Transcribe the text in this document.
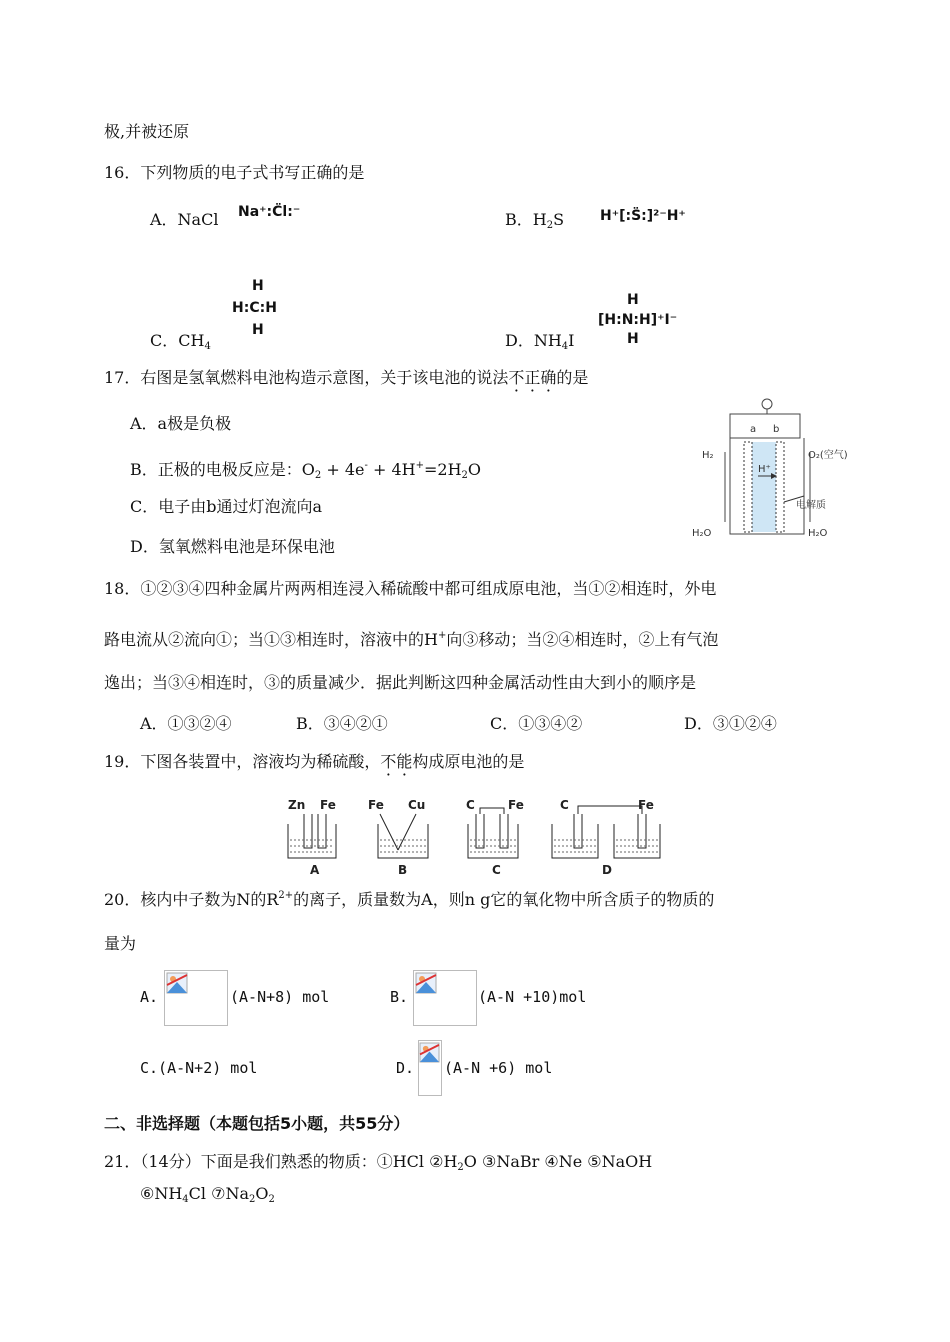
极,并被还原
16．下列物质的电子式书写正确的是
A．NaCl Na⁺:C̈l:⁻	B．$H_2S$	H⁺[:S̈:]²⁻H⁺
H
H:C:H
H
C．$CH_4$
H
[H:N:H]⁺I⁻
H
D．$NH_4I$
17．右图是氢氧燃料电池构造示意图，关于该电池的说法不正确的是
A．a极是负极
B．正极的电极反应是：$O_2 + 4e^- + 4H^+=2H_2O$
C．电子由b通过灯泡流向a
D．氢氧燃料电池是环保电池
a b
H₂	O₂(空气)
H⁺
电解质
H₂O	H₂O
18．①②③④四种金属片两两相连浸入稀硫酸中都可组成原电池，当①②相连时，外电
路电流从②流向①；当①③相连时，溶液中的H+向③移动；当②④相连时，②上有气泡
逸出；当③④相连时，③的质量减少．据此判断这四种金属活动性由大到小的顺序是
A．①③②④	B．③④②①	C．①③④②	D．③①②④
19．下图各装置中，溶液均为稀硫酸，不能构成原电池的是
Zn Fe
A
Fe Cu
B
C	Fe
C
C	Fe
D
20．核内中子数为N的$R^{2+}$的离子，质量数为A，则n g它的氧化物中所含质子的物质的
量为
A.	(A-N+8) mol	B.	(A-N +10)mol
C.(A-N+2) mol	D. (A-N +6) mol
二、非选择题（本题包括5小题，共55分）
21．（14分）下面是我们熟悉的物质：①HCl $②H_2O$ ③NaBr ④Ne ⑤NaOH
$⑥NH_4Cl$ $⑦Na_2O_2$
